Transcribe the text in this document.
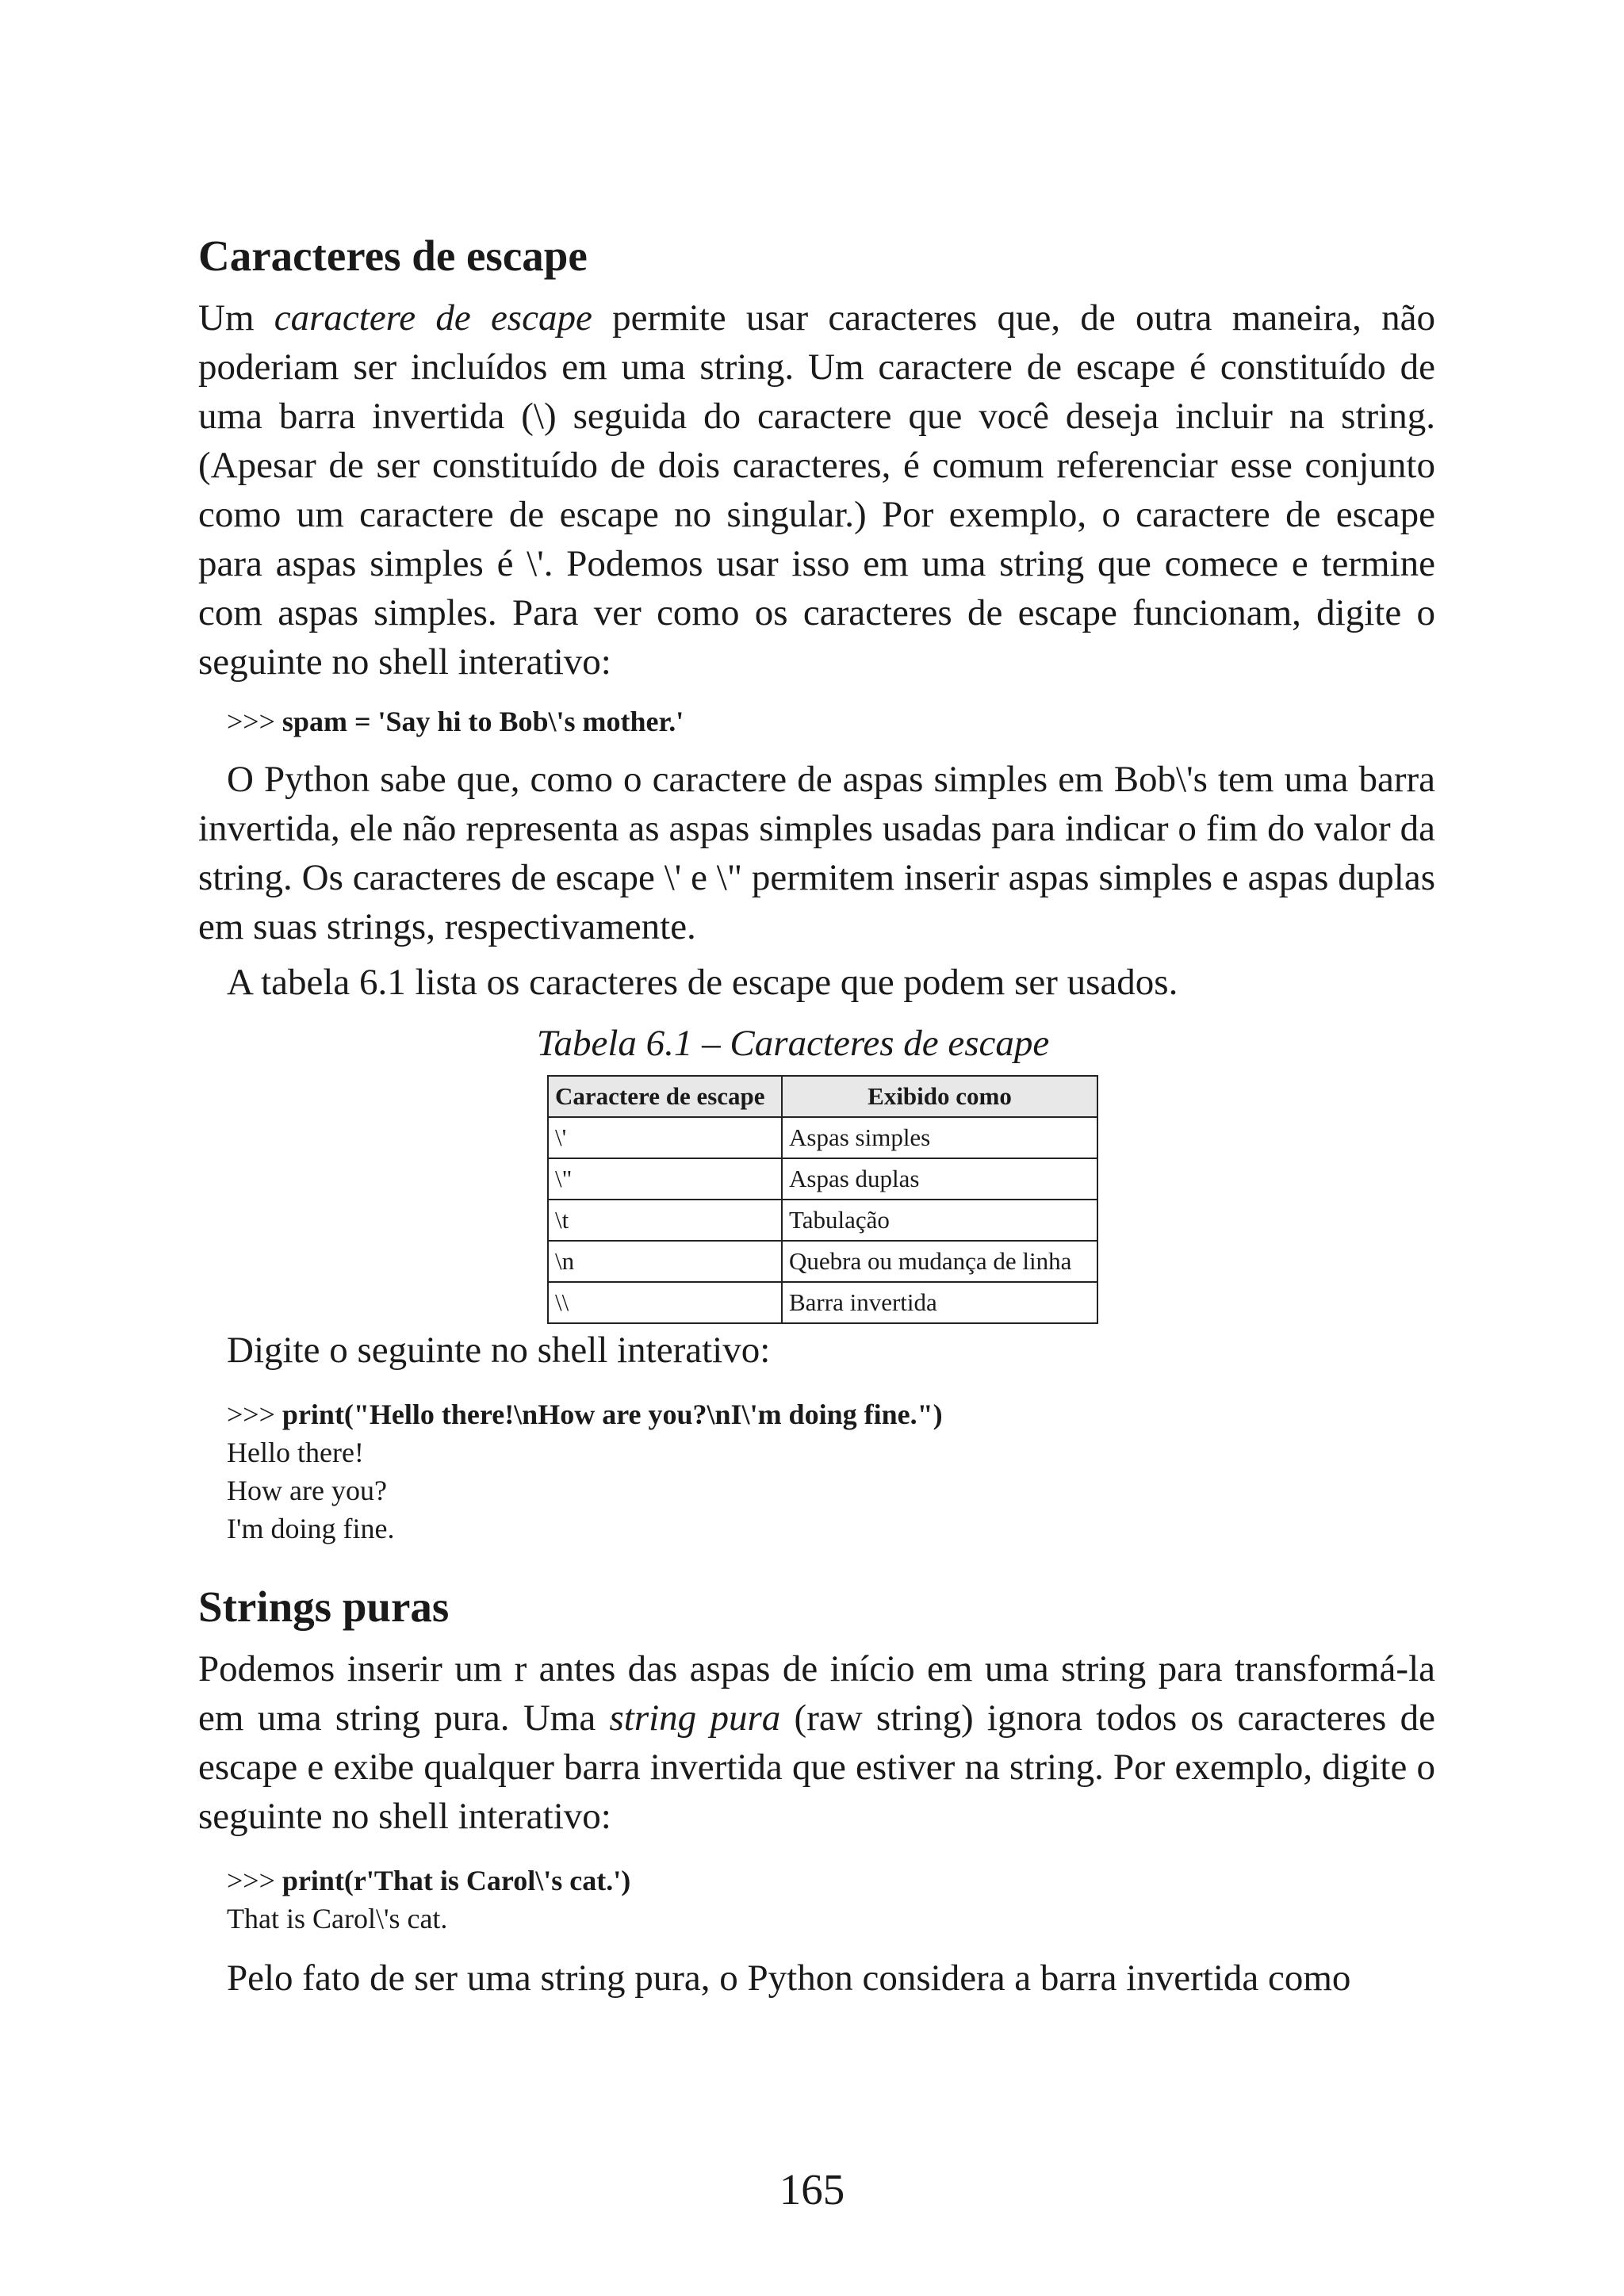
Caracteres de escape

Um caractere de escape permite usar caracteres que, de outra maneira, não poderiam ser incluídos em uma string. Um caractere de escape é constituído de uma barra invertida (\) seguida do caractere que você deseja incluir na string. (Apesar de ser constituído de dois caracteres, é comum referenciar esse conjunto como um caractere de escape no singular.) Por exemplo, o caractere de escape para aspas simples é \'. Podemos usar isso em uma string que comece e termine com aspas simples. Para ver como os caracteres de escape funcionam, digite o seguinte no shell interativo:

>>> spam = 'Say hi to Bob\'s mother.'

O Python sabe que, como o caractere de aspas simples em Bob\'s tem uma barra invertida, ele não representa as aspas simples usadas para indicar o fim do valor da string. Os caracteres de escape \' e \" permitem inserir aspas simples e aspas duplas em suas strings, respectivamente.

A tabela 6.1 lista os caracteres de escape que podem ser usados.

Tabela 6.1 – Caracteres de escape
Caractere de escape	Exibido como
\'	Aspas simples
\"	Aspas duplas
\t	Tabulação
\n	Quebra ou mudança de linha
\\	Barra invertida

Digite o seguinte no shell interativo:

>>> print("Hello there!\nHow are you?\nI\'m doing fine.")
Hello there!
How are you?
I'm doing fine.
Strings puras

Podemos inserir um r antes das aspas de início em uma string para transformá-la em uma string pura. Uma string pura (raw string) ignora todos os caracteres de escape e exibe qualquer barra invertida que estiver na string. Por exemplo, digite o seguinte no shell interativo:

>>> print(r'That is Carol\'s cat.')
That is Carol\'s cat.

Pelo fato de ser uma string pura, o Python considera a barra invertida como

165
